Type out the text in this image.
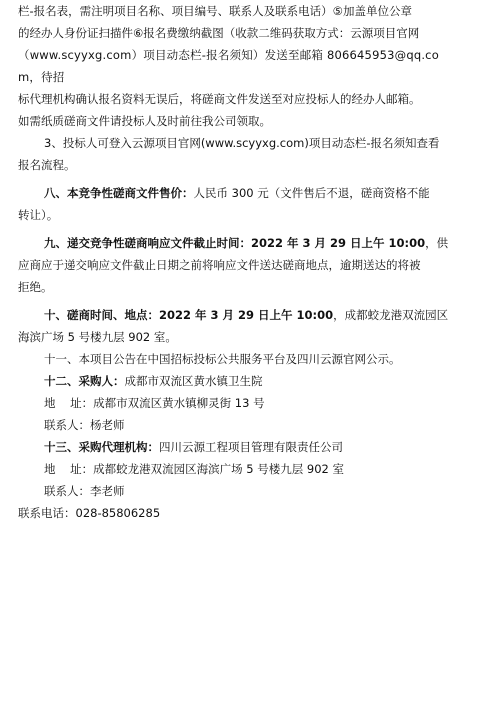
栏-报名表，需注明项目名称、项目编号、联系人及联系电话）⑤加盖单位公章

的经办人身份证扫描件⑥报名费缴纳截图（收款二维码获取方式：云源项目官网

（www.scyyxg.com）项目动态栏-报名须知）发送至邮箱 806645953@qq.com，待招

标代理机构确认报名资料无误后，将磋商文件发送至对应投标人的经办人邮箱。

如需纸质磋商文件请投标人及时前往我公司领取。

3、投标人可登入云源项目官网(www.scyyxg.com)项目动态栏-报名须知查看

报名流程。

八、本竞争性磋商文件售价：人民币 300 元（文件售后不退，磋商资格不能

转让）。

九、递交竞争性磋商响应文件截止时间：2022 年 3 月 29 日上午 10:00，供

应商应于递交响应文件截止日期之前将响应文件送达磋商地点，逾期送达的将被

拒绝。

十、磋商时间、地点：2022 年 3 月 29 日上午 10:00，成都蛟龙港双流园区

海滨广场 5 号楼九层 902 室。

十一、本项目公告在中国招标投标公共服务平台及四川云源官网公示。

十二、采购人：成都市双流区黄水镇卫生院

地    址：成都市双流区黄水镇柳灵街 13 号

联系人：杨老师

十三、采购代理机构：四川云源工程项目管理有限责任公司

地    址：成都蛟龙港双流园区海滨广场 5 号楼九层 902 室

联系人：李老师

联系电话：028-85806285
